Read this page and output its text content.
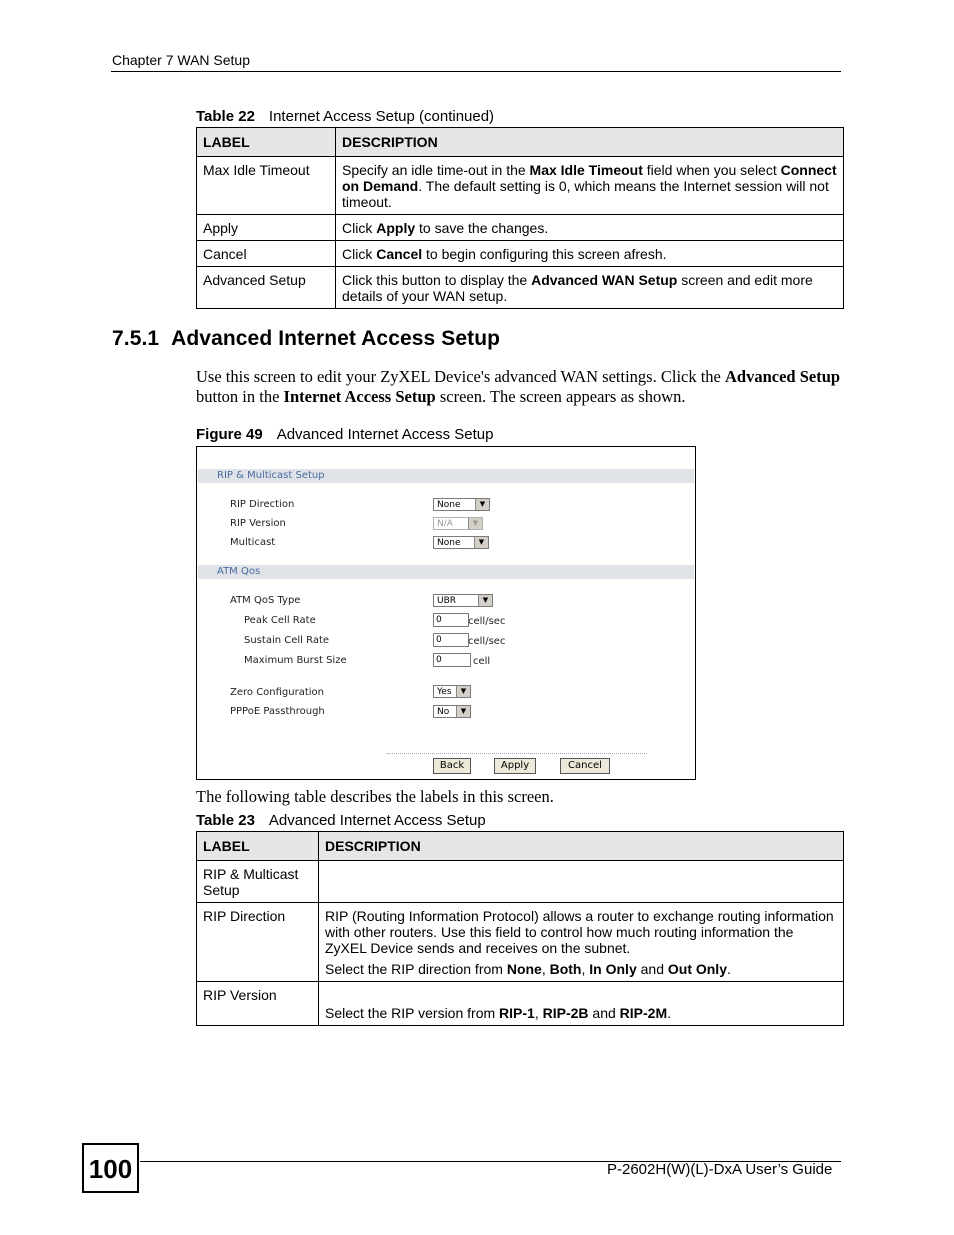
Chapter 7 WAN Setup
Table 22 Internet Access Setup (continued)
LABEL	DESCRIPTION
Max Idle Timeout	Specify an idle time-out in the Max Idle Timeout field when you select Connect on Demand. The default setting is 0, which means the Internet session will not timeout.
Apply	Click Apply to save the changes.
Cancel	Click Cancel to begin configuring this screen afresh.
Advanced Setup	Click this button to display the Advanced WAN Setup screen and edit more details of your WAN setup.
7.5.1 Advanced Internet Access Setup
Use this screen to edit your ZyXEL Device's advanced WAN settings. Click the Advanced Setup button in the Internet Access Setup screen. The screen appears as shown.
Figure 49 Advanced Internet Access Setup
RIP & Multicast Setup
RIP Direction	None	▼
RIP Version	N/A	▼
Multicast	None	▼
ATM Qos
ATM QoS Type	UBR	▼
Peak Cell Rate	0	cell/sec
Sustain Cell Rate	0	cell/sec
Maximum Burst Size	0	cell
Zero Configuration	Yes	▼
PPPoE Passthrough	No	▼
Back	Apply	Cancel
The following table describes the labels in this screen.
Table 23 Advanced Internet Access Setup
LABEL	DESCRIPTION
RIP & Multicast Setup	
RIP Direction	RIP (Routing Information Protocol) allows a router to exchange routing information with other routers. Use this field to control how much routing information the ZyXEL Device sends and receives on the subnet.

Select the RIP direction from None, Both, In Only and Out Only.

RIP Version	Select the RIP version from RIP-1, RIP-2B and RIP-2M.

100	P-2602H(W)(L)-DxA User’s Guide
